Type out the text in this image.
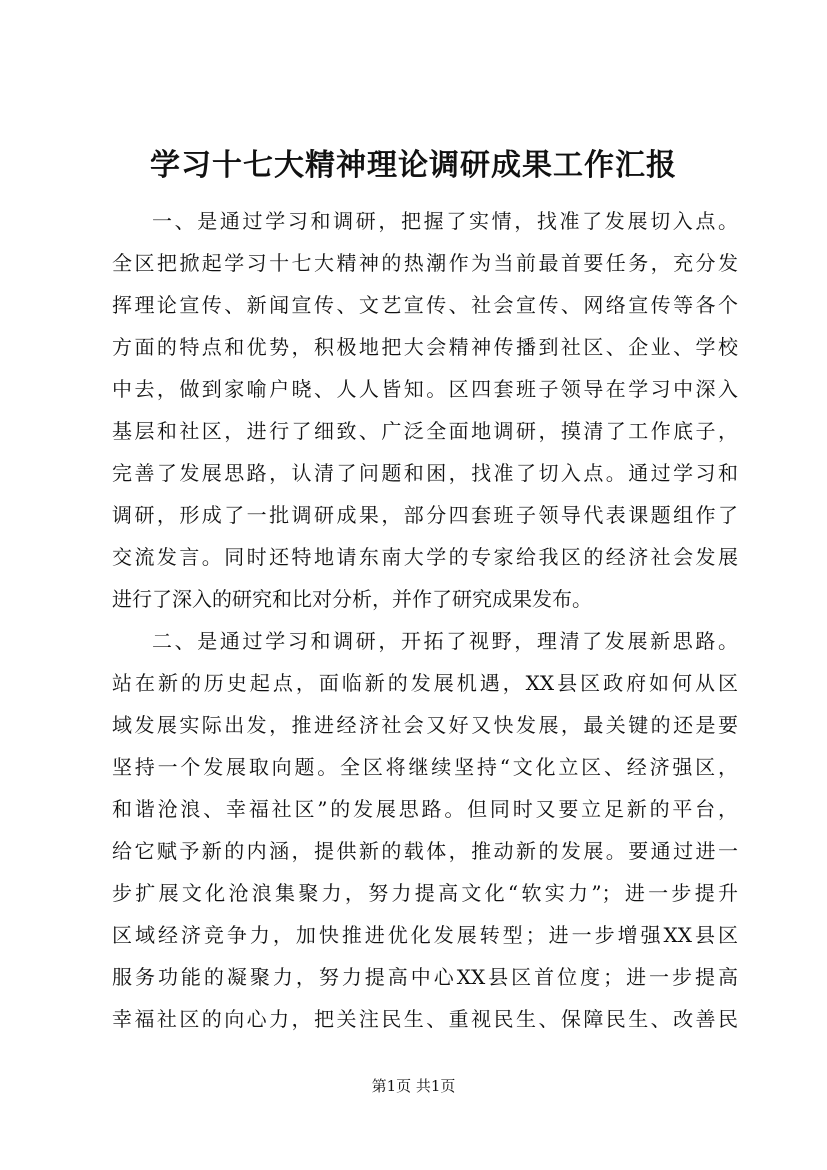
学习十七大精神理论调研成果工作汇报
一、是通过学习和调研，把握了实情，找准了发展切入点。
全区把掀起学习十七大精神的热潮作为当前最首要任务，充分发
挥理论宣传、新闻宣传、文艺宣传、社会宣传、网络宣传等各个
方面的特点和优势，积极地把大会精神传播到社区、企业、学校
中去，做到家喻户晓、人人皆知。区四套班子领导在学习中深入
基层和社区，进行了细致、广泛全面地调研，摸清了工作底子，
完善了发展思路，认清了问题和困，找准了切入点。通过学习和
调研，形成了一批调研成果，部分四套班子领导代表课题组作了
交流发言。同时还特地请东南大学的专家给我区的经济社会发展
进行了深入的研究和比对分析，并作了研究成果发布。
二、是通过学习和调研，开拓了视野，理清了发展新思路。
站在新的历史起点，面临新的发展机遇，XX县区政府如何从区
域发展实际出发，推进经济社会又好又快发展，最关键的还是要
坚持一个发展取向题。全区将继续坚持“文化立区、经济强区，
和谐沧浪、幸福社区”的发展思路。但同时又要立足新的平台，
给它赋予新的内涵，提供新的载体，推动新的发展。要通过进一
步扩展文化沧浪集聚力，努力提高文化“软实力”；进一步提升
区域经济竞争力，加快推进优化发展转型；进一步增强XX县区
服务功能的凝聚力，努力提高中心XX县区首位度；进一步提高
幸福社区的向心力，把关注民生、重视民生、保障民生、改善民
第1页 共1页
